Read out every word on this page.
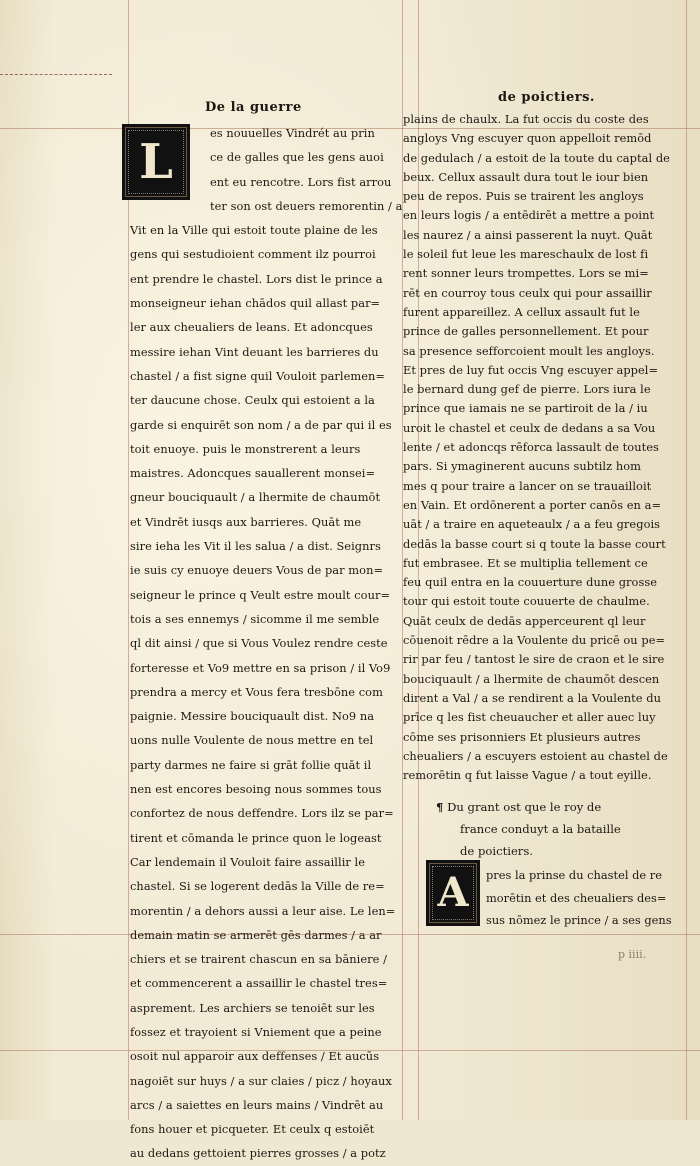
De la guerre
de poictiers.
L
es nouuelles Vindrét au prin
ce de galles que les gens auoi
ent eu rencotre. Lors fist arrou
ter son ost deuers remorentin / a
Vit en la Ville qui estoit toute plaine de les
gens qui sestudioient comment ilz pourroi
ent prendre le chastel. Lors dist le prince a
monseigneur iehan chādos quil allast par=
ler aux cheualiers de leans. Et adoncques
messire iehan Vint deuant les barrieres du
chastel / a fist signe quil Vouloit parlemen=
ter daucune chose. Ceulx qui estoient a la
garde si enquirēt son nom / a de par qui il es
toit enuoye. puis le monstrerent a leurs
maistres. Adoncques sauallerent monsei=
gneur bouciquault / a lhermite de chaumōt
et Vindrēt iusqs aux barrieres. Quāt me
sire ieha les Vit il les salua / a dist. Seignrs
ie suis cy enuoye deuers Vous de par mon=
seigneur le prince q Veult estre moult cour=
tois a ses ennemys / sicomme il me semble
ql dit ainsi / que si Vous Voulez rendre ceste
forteresse et Vo9 mettre en sa prison / il Vo9
prendra a mercy et Vous fera tresbōne com
paignie. Messire bouciquault dist. No9 na
uons nulle Voulente de nous mettre en tel
party darmes ne faire si grāt follie quāt il
nen est encores besoing nous sommes tous
confortez de nous deffendre. Lors ilz se par=
tirent et cōmanda le prince quon le logeast
Car lendemain il Vouloit faire assaillir le
chastel. Si se logerent dedās la Ville de re=
morentin / a dehors aussi a leur aise. Le len=
demain matin se armerēt gēs darmes / a ar
chiers et se trairent chascun en sa bāniere /
et commencerent a assaillir le chastel tres=
asprement. Les archiers se tenoiēt sur les
fossez et trayoient si Vniement que a peine
osoit nul apparoir aux deffenses / Et aucūs
nagoiēt sur huys / a sur claies / picz / hoyaux
arcs / a saiettes en leurs mains / Vindrēt au
fons houer et picqueter. Et ceulx q estoiēt
au dedans gettoient pierres grosses / a potz
plains de chaulx. La fut occis du coste des
angloys Vng escuyer quon appelloit remōd
de gedulach / a estoit de la toute du captal de
beux. Cellux assault dura tout le iour bien
peu de repos. Puis se trairent les angloys
en leurs logis / a entēdirēt a mettre a point
les naurez / a ainsi passerent la nuyt. Quāt
le soleil fut leue les mareschaulx de lost fi
rent sonner leurs trompettes. Lors se mi=
rēt en courroy tous ceulx qui pour assaillir
furent appareillez. A cellux assault fut le
prince de galles personnellement. Et pour
sa presence sefforcoient moult les angloys.
Et pres de luy fut occis Vng escuyer appel=
le bernard dung gef de pierre. Lors iura le
prince que iamais ne se partiroit de la / iu
uroit le chastel et ceulx de dedans a sa Vou
lente / et adoncqs rēforca lassault de toutes
pars. Si ymaginerent aucuns subtilz hom
mes q pour traire a lancer on se trauailloit
en Vain. Et ordōnerent a porter canōs en a=
uāt / a traire en aqueteaulx / a a feu gregois
dedās la basse court si q toute la basse court
fut embrasee. Et se multiplia tellement ce
feu quil entra en la couuerture dune grosse
tour qui estoit toute couuerte de chaulme.
Quāt ceulx de dedās apperceurent ql leur
cōuenoit rēdre a la Voulente du pricē ou pe=
rir par feu / tantost le sire de craon et le sire
bouciquault / a lhermite de chaumōt descen
dirent a Val / a se rendirent a la Voulente du
prīce q les fist cheuaucher et aller auec luy
cōme ses prisonniers Et plusieurs autres
cheualiers / a escuyers estoient au chastel de
remorētin q fut laisse Vague / a tout eyille.
¶ Du grant ost que le roy de
france conduyt a la bataille
de poictiers.
A	pres la prinse du chastel de re
morētin et des cheualiers des=
sus nōmez le prince / a ses gens
p iiii.
